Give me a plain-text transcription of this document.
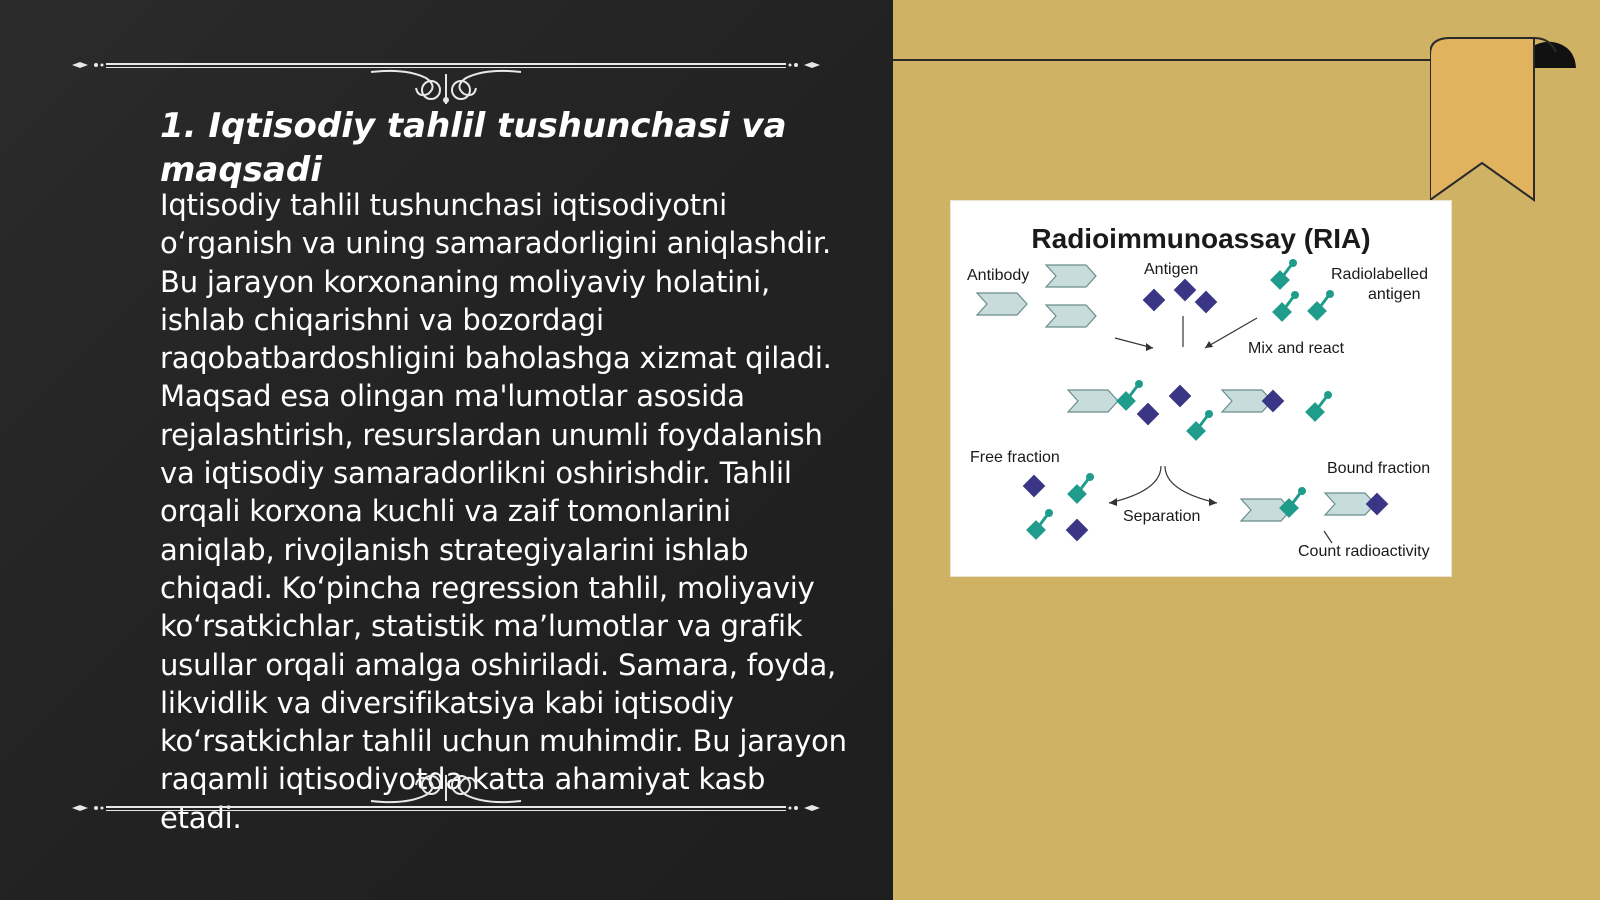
1. Iqtisodiy tahlil tushunchasi va maqsadi

Iqtisodiy tahlil tushunchasi iqtisodiyotni o‘rganish va uning samaradorligini aniqlashdir. Bu jarayon korxonaning moliyaviy holatini, ishlab chiqarishni va bozordagi raqobatbardoshligini baholashga xizmat qiladi. Maqsad esa olingan ma'lumotlar asosida rejalashtirish, resurslardan unumli foydalanish va iqtisodiy samaradorlikni oshirishdir. Tahlil orqali korxona kuchli va zaif tomonlarini aniqlab, rivojlanish strategiyalarini ishlab chiqadi. Ko‘pincha regression tahlil, moliyaviy ko‘rsatkichlar, statistik ma’lumotlar va grafik usullar orqali amalga oshiriladi. Samara, foyda, likvidlik va diversifikatsiya kabi iqtisodiy ko‘rsatkichlar tahlil uchun muhimdir. Bu jarayon raqamli iqtisodiyotda katta ahamiyat kasb etadi.

Radioimmunoassay (RIA)
Antibody	Antigen	Radiolabelled
antigen
Mix and react
Free fraction
Bound fraction
Separation
Count radioactivity
